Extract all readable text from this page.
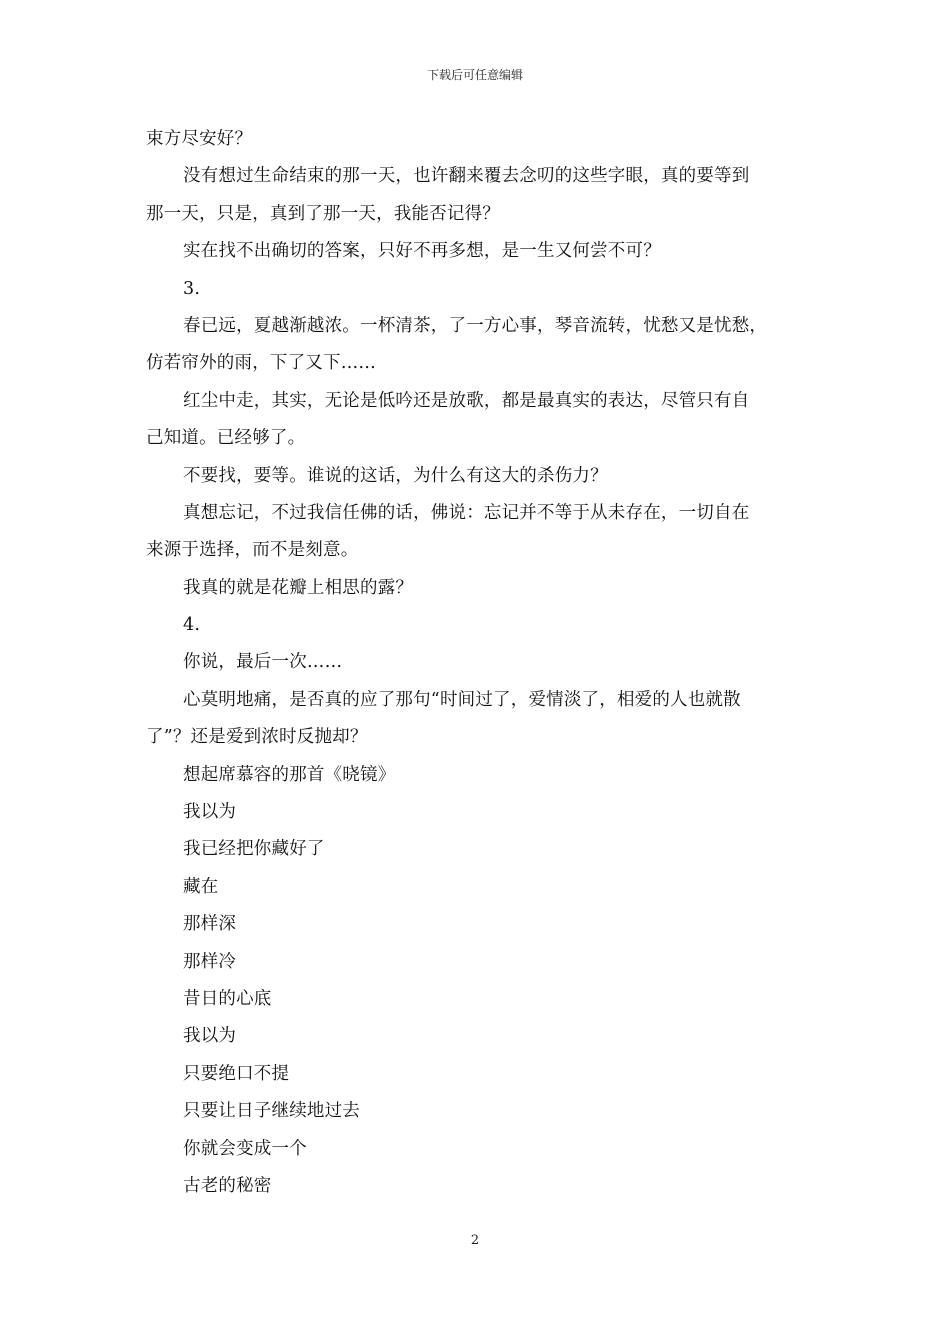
下载后可任意编辑
束方尽安好？
没有想过生命结束的那一天，也许翻来覆去念叨的这些字眼，真的要等到
那一天，只是，真到了那一天，我能否记得？
实在找不出确切的答案，只好不再多想，是一生又何尝不可？
3.
春已远，夏越渐越浓。一杯清茶，了一方心事，琴音流转，忧愁又是忧愁，
仿若帘外的雨，下了又下……
红尘中走，其实，无论是低吟还是放歌，都是最真实的表达，尽管只有自
己知道。已经够了。
不要找，要等。谁说的这话，为什么有这大的杀伤力？
真想忘记，不过我信任佛的话，佛说：忘记并不等于从未存在，一切自在
来源于选择，而不是刻意。
我真的就是花瓣上相思的露？
4.
你说，最后一次……
心莫明地痛，是否真的应了那句“时间过了，爱情淡了，相爱的人也就散
了”？还是爱到浓时反抛却？
想起席慕容的那首《晓镜》
我以为
我已经把你藏好了
藏在
那样深
那样冷
昔日的心底
我以为
只要绝口不提
只要让日子继续地过去
你就会变成一个
古老的秘密
2
